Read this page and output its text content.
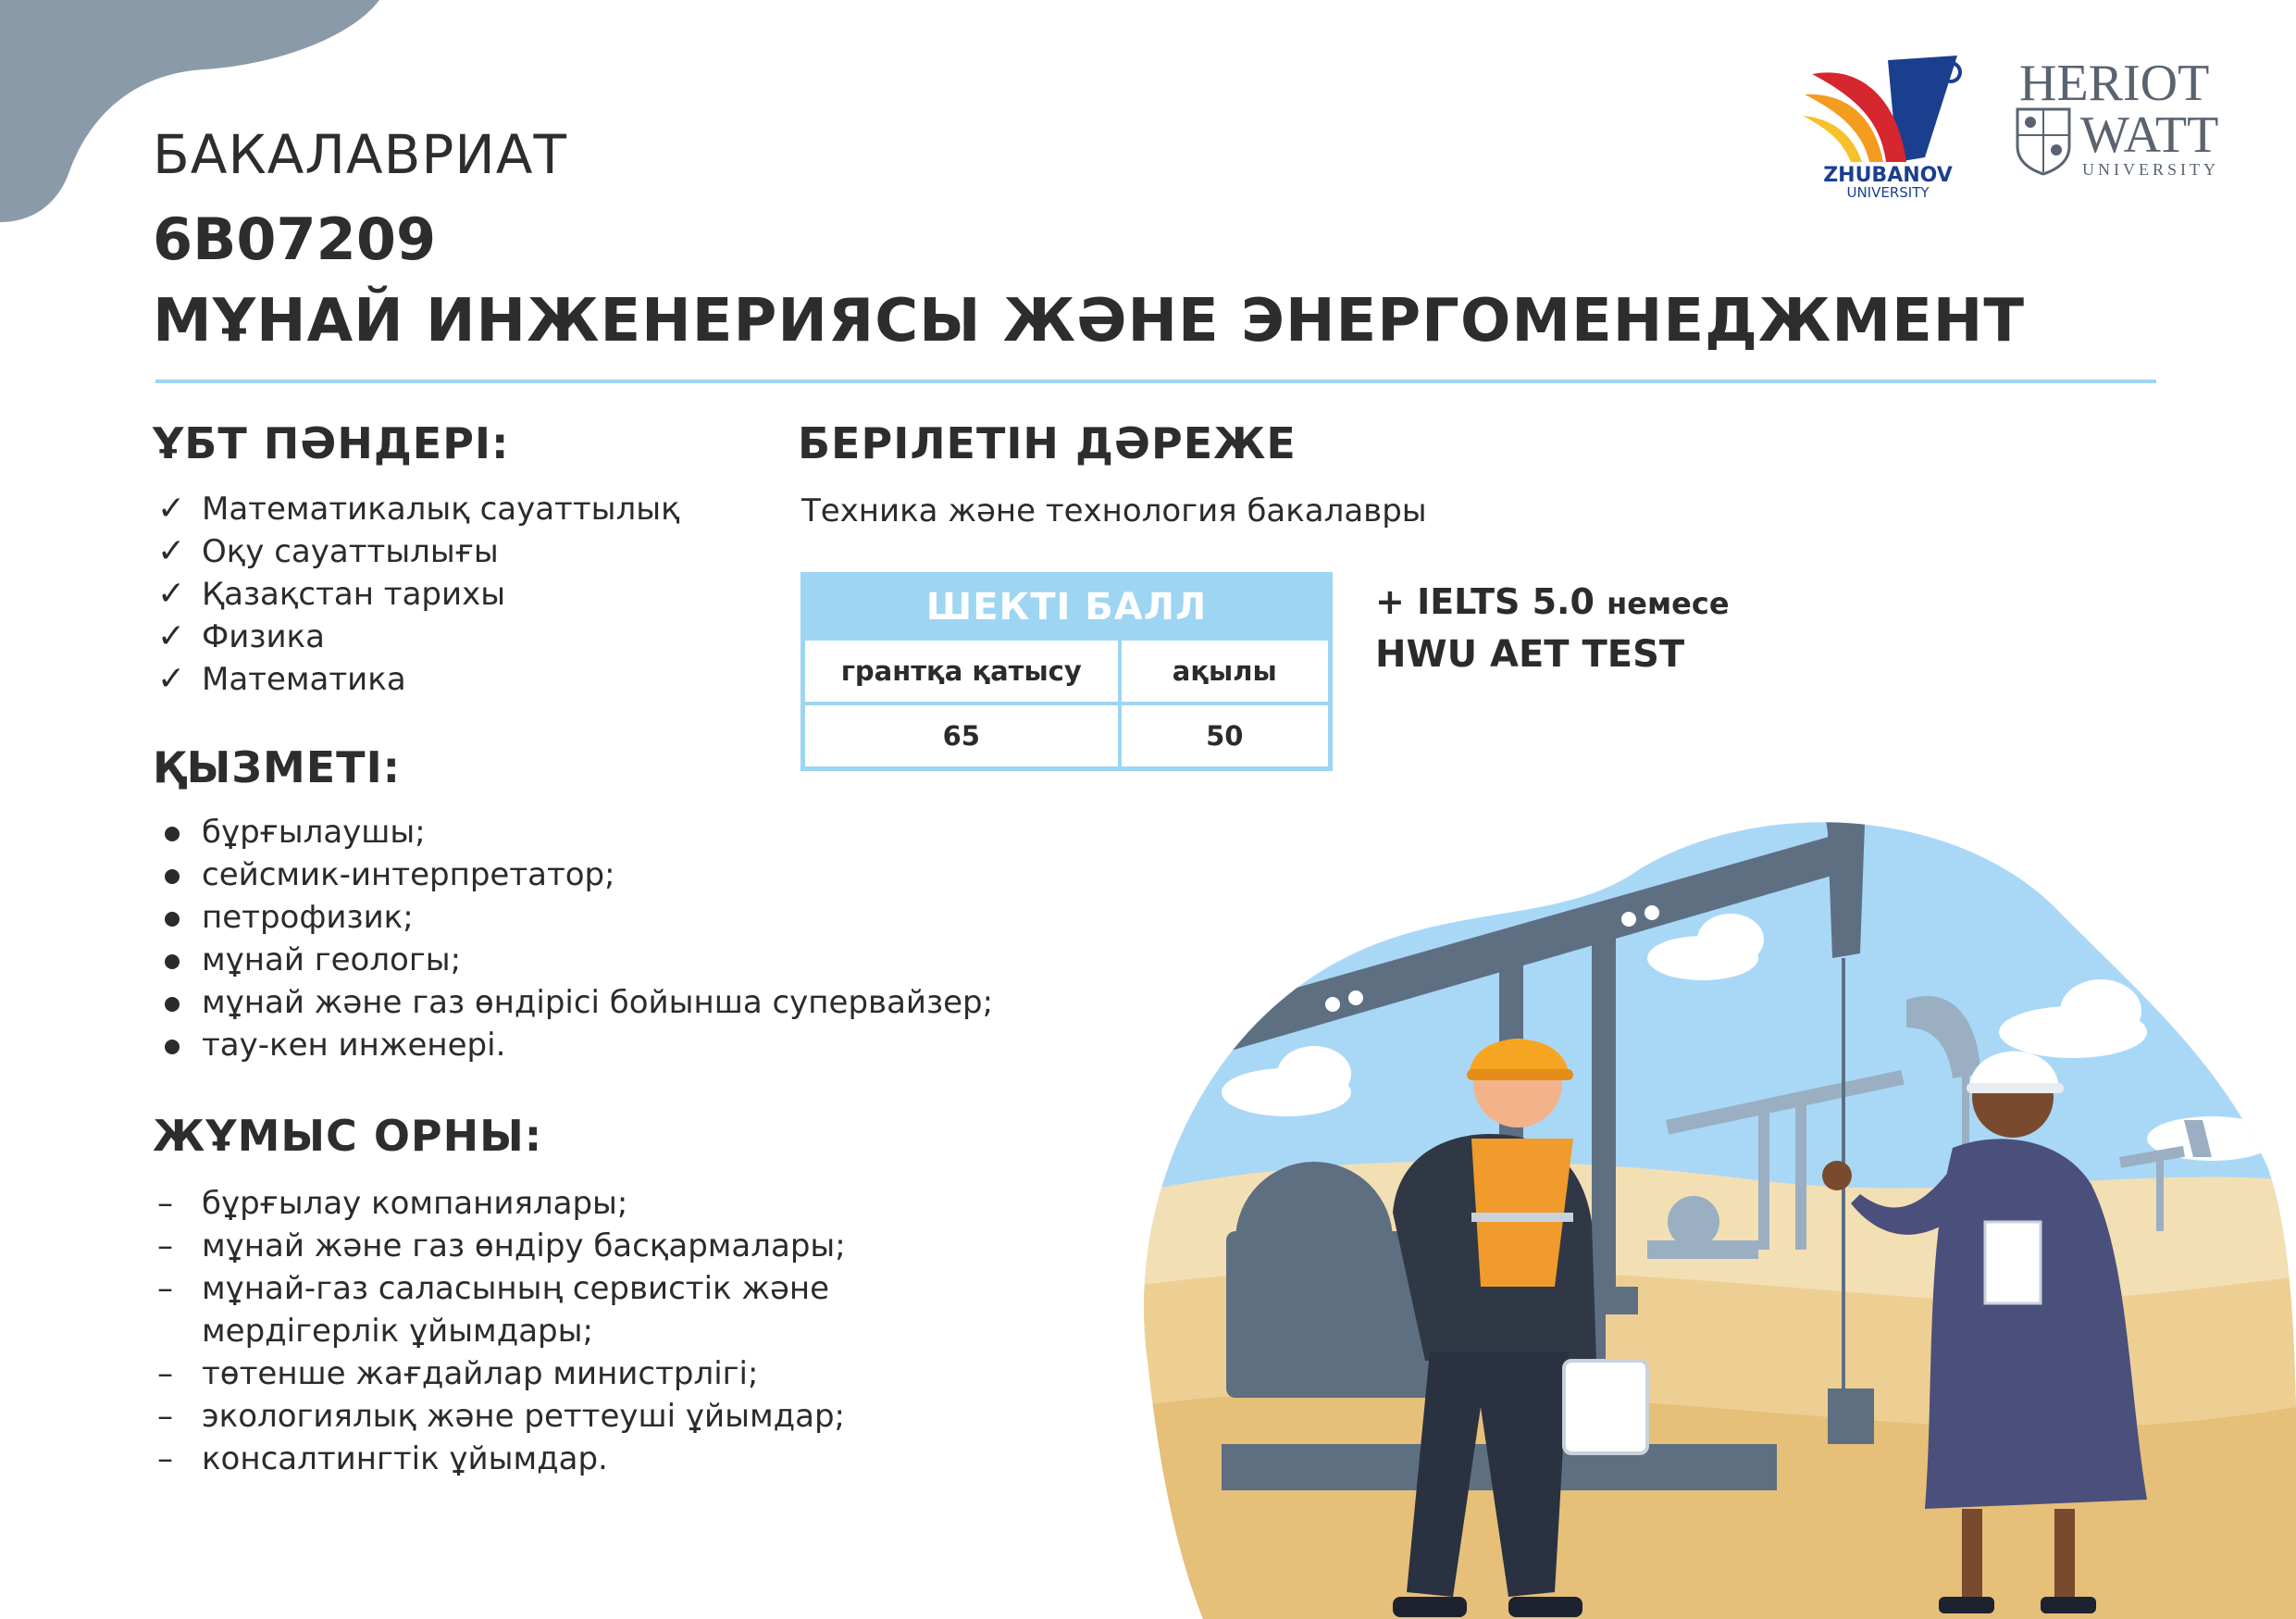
ZHUBANOV
UNIVERSITY
HERIOT
WATT
UNIVERSITY
БАКАЛАВРИАТ
6В07209
МҰНАЙ ИНЖЕНЕРИЯСЫ ЖӘНЕ ЭНЕРГОМЕНЕДЖМЕНТ
ҰБТ ПӘНДЕРІ:
✓ Математикалық сауаттылық
✓ Оқу сауаттылығы
✓ Қазақстан тарихы
✓ Физика
✓ Математика
ҚЫЗМЕТІ:
бұрғылаушы;
сейсмик-интерпретатор;
петрофизик;
мұнай геологы;
мұнай және газ өндірісі бойынша супервайзер;
тау-кен инженері.
ЖҰМЫС ОРНЫ:
– бұрғылау компаниялары;
– мұнай және газ өндіру басқармалары;
– мұнай-газ саласының сервистік және
мердігерлік ұйымдары;
– төтенше жағдайлар министрлігі;
– экологиялық және реттеуші ұйымдар;
– консалтингтік ұйымдар.
БЕРІЛЕТІН ДӘРЕЖЕ
Техника және технология бакалавры
ШЕКТІ БАЛЛ	
грантқа қатысу	ақылы
65	50
+ IELTS 5.0 немесе
HWU AET TEST
